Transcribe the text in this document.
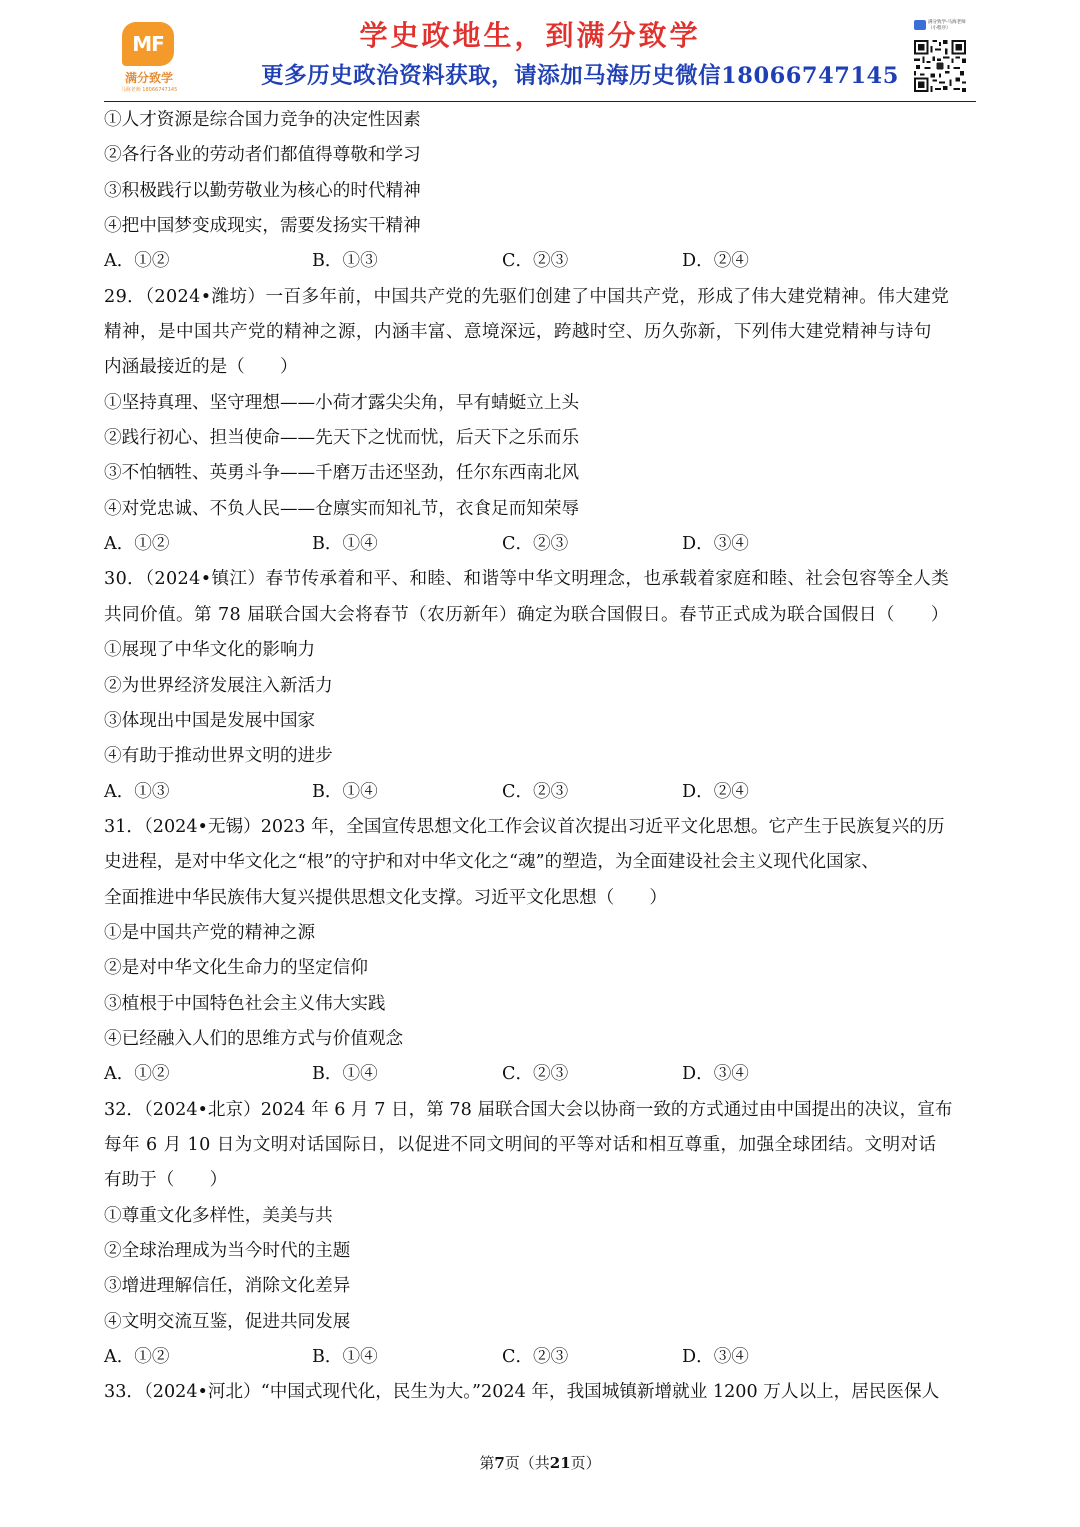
MF
满分致学
马海老师 18066747145
学史政地生，到满分致学
更多历史政治资料获取，请添加马海历史微信18066747145
满分致学-马海老师（小程序）
①人才资源是综合国力竞争的决定性因素
②各行各业的劳动者们都值得尊敬和学习
③积极践行以勤劳敬业为核心的时代精神
④把中国梦变成现实，需要发扬实干精神
A．①②	B．①③	C．②③	D．②④
29．（2024•潍坊）一百多年前，中国共产党的先驱们创建了中国共产党，形成了伟大建党精神。伟大建党
精神，是中国共产党的精神之源，内涵丰富、意境深远，跨越时空、历久弥新，下列伟大建党精神与诗句
内涵最接近的是（　　）
①坚持真理、坚守理想——小荷才露尖尖角，早有蜻蜓立上头
②践行初心、担当使命——先天下之忧而忧，后天下之乐而乐
③不怕牺牲、英勇斗争——千磨万击还坚劲，任尔东西南北风
④对党忠诚、不负人民——仓廪实而知礼节，衣食足而知荣辱
A．①②	B．①④	C．②③	D．③④
30．（2024•镇江）春节传承着和平、和睦、和谐等中华文明理念，也承载着家庭和睦、社会包容等全人类
共同价值。第 78 届联合国大会将春节（农历新年）确定为联合国假日。春节正式成为联合国假日（　　）
①展现了中华文化的影响力
②为世界经济发展注入新活力
③体现出中国是发展中国家
④有助于推动世界文明的进步
A．①③	B．①④	C．②③	D．②④
31．（2024•无锡）2023 年，全国宣传思想文化工作会议首次提出习近平文化思想。它产生于民族复兴的历
史进程，是对中华文化之“根”的守护和对中华文化之“魂”的塑造，为全面建设社会主义现代化国家、
全面推进中华民族伟大复兴提供思想文化支撑。习近平文化思想（　　）
①是中国共产党的精神之源
②是对中华文化生命力的坚定信仰
③植根于中国特色社会主义伟大实践
④已经融入人们的思维方式与价值观念
A．①②	B．①④	C．②③	D．③④
32．（2024•北京）2024 年 6 月 7 日，第 78 届联合国大会以协商一致的方式通过由中国提出的决议，宣布
每年 6 月 10 日为文明对话国际日，以促进不同文明间的平等对话和相互尊重，加强全球团结。文明对话
有助于（　　）
①尊重文化多样性，美美与共
②全球治理成为当今时代的主题
③增进理解信任，消除文化差异
④文明交流互鉴，促进共同发展
A．①②	B．①④	C．②③	D．③④
33．（2024•河北）“中国式现代化，民生为大。”2024 年，我国城镇新增就业 1200 万人以上，居民医保人
第7页（共21页）
